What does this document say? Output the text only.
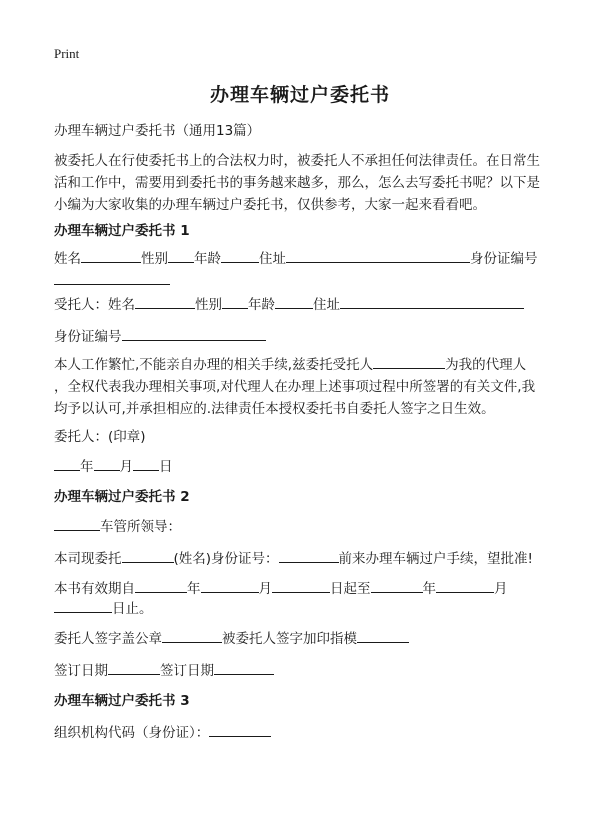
Print
办理车辆过户委托书
办理车辆过户委托书（通用13篇）
被委托人在行使委托书上的合法权力时，被委托人不承担任何法律责任。在日常生
活和工作中，需要用到委托书的事务越来越多，那么，怎么去写委托书呢？以下是
小编为大家收集的办理车辆过户委托书，仅供参考，大家一起来看看吧。
办理车辆过户委托书 1
姓名	性别 年龄	住址	身份证编号
受托人：姓名	性别 年龄	住址
身份证编号
本人工作繁忙,不能亲自办理的相关手续,兹委托受托人	为我的代理人
，全权代表我办理相关事项,对代理人在办理上述事项过程中所签署的有关文件,我
均予以认可,并承担相应的.法律责任本授权委托书自委托人签字之日生效。
委托人：(印章)
年 月 日
办理车辆过户委托书 2
车管所领导：
本司现委托	(姓名)身份证号：	前来办理车辆过户手续，望批准!
本书有效期自	年	月	日起至	年	月
日止。
委托人签字盖公章	被委托人签字加印指模
签订日期	签订日期
办理车辆过户委托书 3
组织机构代码（身份证）：
